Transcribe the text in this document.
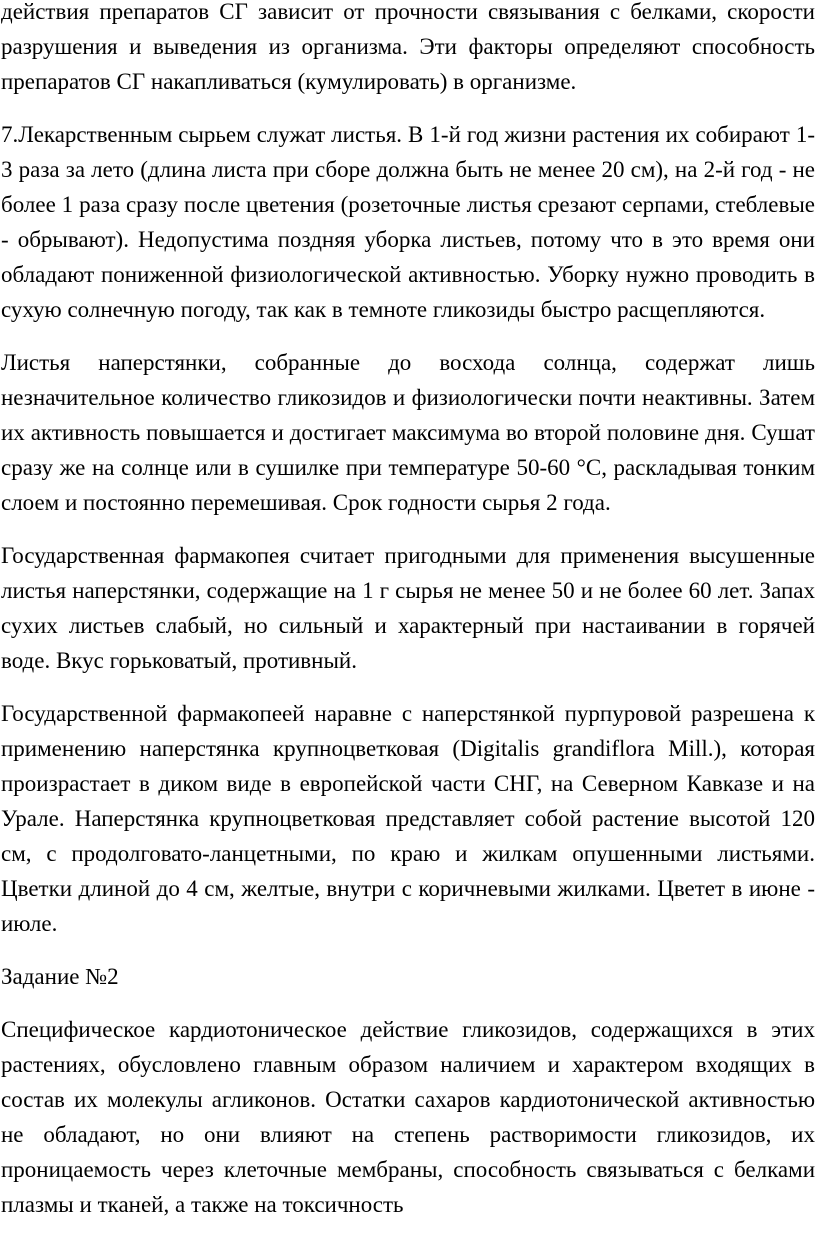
действия препаратов СГ зависит от прочности связывания с белками, скорости разрушения и выведения из организма. Эти факторы определяют способность препаратов СГ накапливаться (кумулировать) в организме.

7.Лекарственным сырьем служат листья. В 1-й год жизни растения их собирают 1-3 раза за лето (длина листа при сборе должна быть не менее 20 см), на 2-й год - не более 1 раза сразу после цветения (розеточные листья срезают серпами, стеблевые - обрывают). Недопустима поздняя уборка листьев, потому что в это время они обладают пониженной физиологической активностью. Уборку нужно проводить в сухую солнечную погоду, так как в темноте гликозиды быстро расщепляются.

Листья наперстянки, собранные до восхода солнца, содержат лишь незначительное количество гликозидов и физиологически почти неактивны. Затем их активность повышается и достигает максимума во второй половине дня. Сушат сразу же на солнце или в сушилке при температуре 50-60 °С, раскладывая тонким слоем и постоянно перемешивая. Срок годности сырья 2 года.

Государственная фармакопея считает пригодными для применения высушенные листья наперстянки, содержащие на 1 г сырья не менее 50 и не более 60 лет. Запах сухих листьев слабый, но сильный и характерный при настаивании в горячей воде. Вкус горьковатый, противный.

Государственной фармакопеей наравне с наперстянкой пурпуровой разрешена к применению наперстянка крупноцветковая (Digitalis grandiflora Mill.), которая произрастает в диком виде в европейской части СНГ, на Северном Кавказе и на Урале. Наперстянка крупноцветковая представляет собой растение высотой 120 см, с продолговато-ланцетными, по краю и жилкам опушенными листьями. Цветки длиной до 4 см, желтые, внутри с коричневыми жилками. Цветет в июне - июле.

Задание №2

Специфическое кардиотоническое действие гликозидов, содержащихся в этих растениях, обусловлено главным образом наличием и характером входящих в состав их молекулы агликонов. Остатки сахаров кардиотонической активностью не обладают, но они влияют на степень растворимости гликозидов, их проницаемость через клеточные мембраны, способность связываться с белками плазмы и тканей, а также на токсичность
